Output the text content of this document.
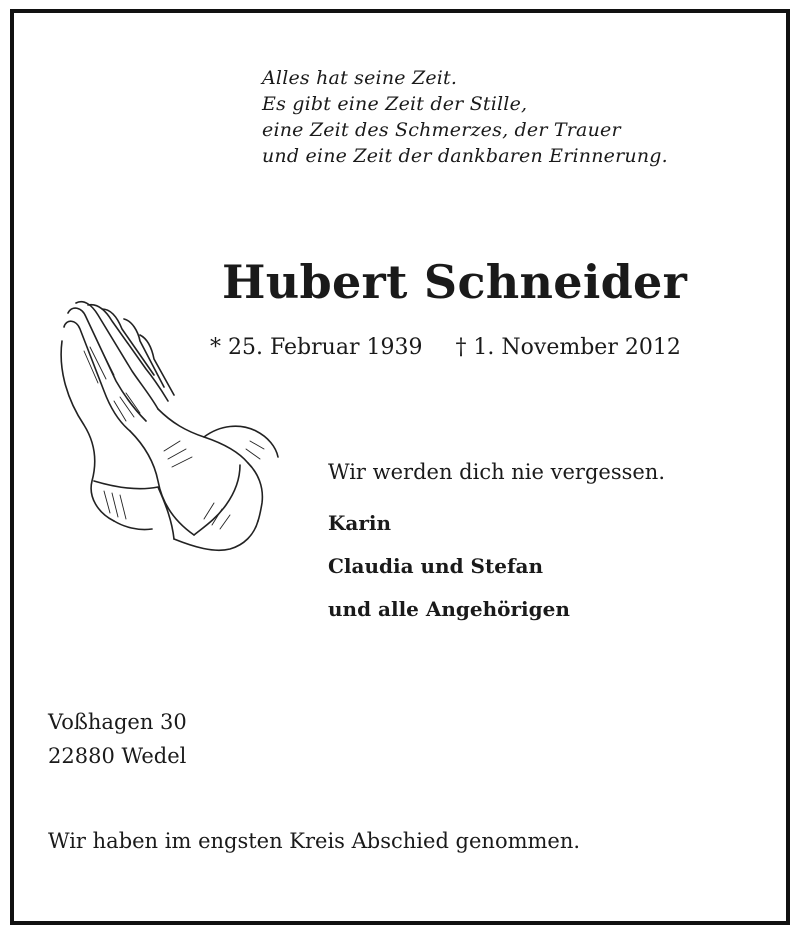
Alles hat seine Zeit.
Es gibt eine Zeit der Stille,
eine Zeit des Schmerzes, der Trauer
und eine Zeit der dankbaren Erinnerung.
Hubert Schneider
* 25. Februar 1939 † 1. November 2012
Wir werden dich nie vergessen.
Karin
Claudia und Stefan
und alle Angehörigen
Voßhagen 30
22880 Wedel
Wir haben im engsten Kreis Abschied genommen.
